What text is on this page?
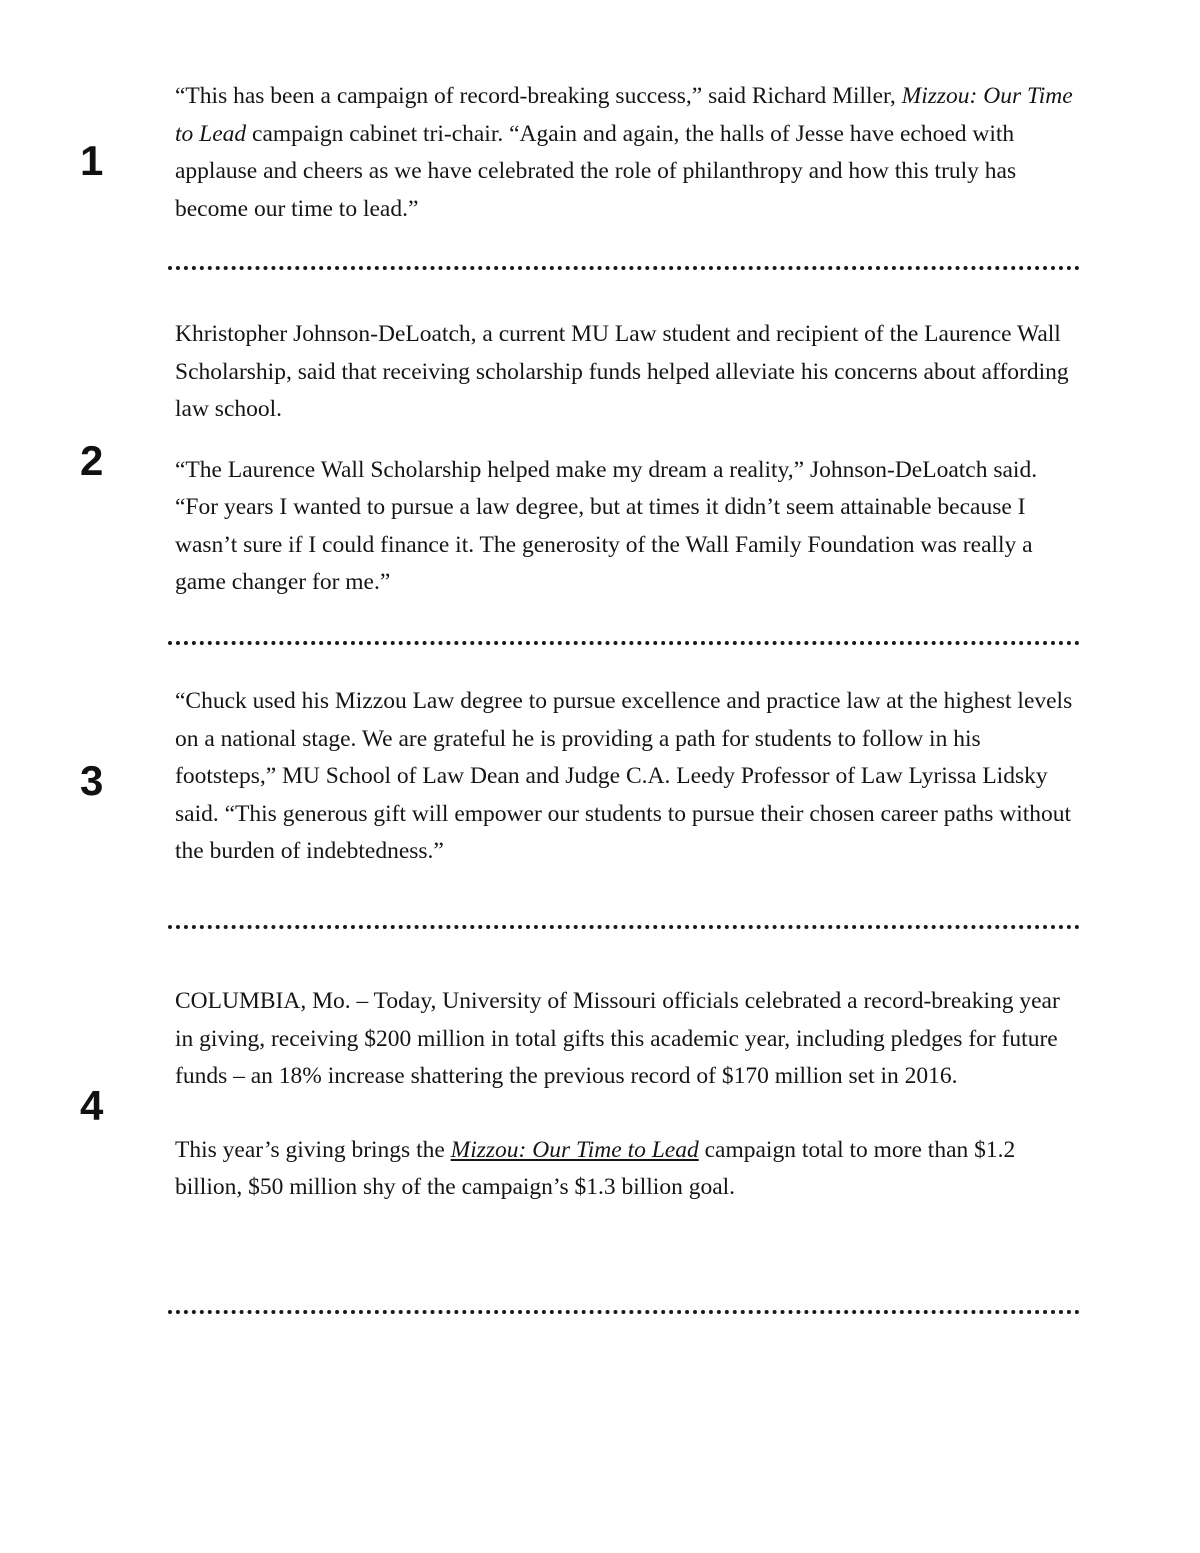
1

“This has been a campaign of record-breaking success,” said Richard Miller, Mizzou: Our Time to Lead campaign cabinet tri-chair. “Again and again, the halls of Jesse have echoed with applause and cheers as we have celebrated the role of philanthropy and how this truly has become our time to lead.”

2

Khristopher Johnson-DeLoatch, a current MU Law student and recipient of the Laurence Wall Scholarship, said that receiving scholarship funds helped alleviate his concerns about affording law school.

“The Laurence Wall Scholarship helped make my dream a reality,” Johnson-DeLoatch said. “For years I wanted to pursue a law degree, but at times it didn’t seem attainable because I wasn’t sure if I could finance it. The generosity of the Wall Family Foundation was really a game changer for me.”

3

“Chuck used his Mizzou Law degree to pursue excellence and practice law at the highest levels on a national stage. We are grateful he is providing a path for students to follow in his footsteps,” MU School of Law Dean and Judge C.A. Leedy Professor of Law Lyrissa Lidsky said. “This generous gift will empower our students to pursue their chosen career paths without the burden of indebtedness.”

4

COLUMBIA, Mo. – Today, University of Missouri officials celebrated a record-breaking year in giving, receiving $200 million in total gifts this academic year, including pledges for future funds – an 18% increase shattering the previous record of $170 million set in 2016.

This year’s giving brings the Mizzou: Our Time to Lead campaign total to more than $1.2 billion, $50 million shy of the campaign’s $1.3 billion goal.
